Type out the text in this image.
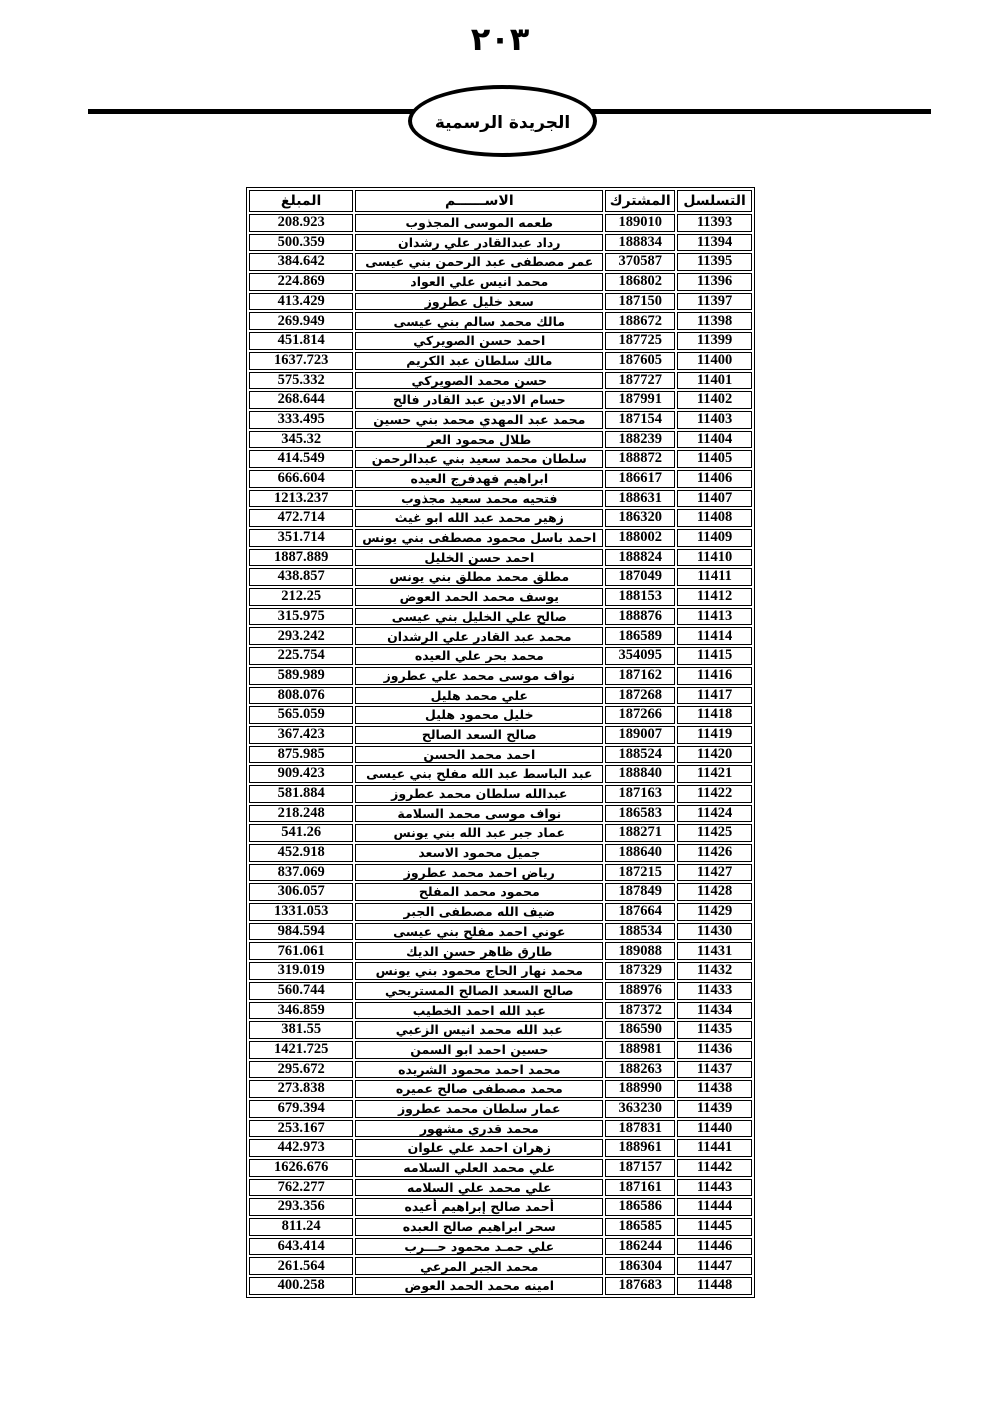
٢٠٣
الجريدة الرسمية
التسلسل	المشترك	الاســــــم	المبلغ
11393	189010	طعمه الموسى المجذوب	208.923
11394	188834	رداد عبدالقادر علي رشدان	500.359
11395	370587	عمر مصطفى عبد الرحمن بني عيسى	384.642
11396	186802	محمد انيس علي العواد	224.869
11397	187150	سعد خليل عطروز	413.429
11398	188672	مالك محمد سالم بني عيسى	269.949
11399	187725	احمد حسن الصويركي	451.814
11400	187605	مالك سلطان عبد الكريم	1637.723
11401	187727	حسن محمد الصويركي	575.332
11402	187991	حسام الادين عبد القادر فالح	268.644
11403	187154	محمد عبد المهدي محمد بني حسين	333.495
11404	188239	طلال محمود العر	345.32
11405	188872	سلطان محمد سعيد بني عبدالرحمن	414.549
11406	186617	ابراهيم فهدفرج العيده	666.604
11407	188631	فتحيه محمد سعيد مجذوب	1213.237
11408	186320	زهير محمد عبد الله ابو غيث	472.714
11409	188002	احمد باسل محمود مصطفى بني يونس	351.714
11410	188824	احمد حسن الخليل	1887.889
11411	187049	مطلق محمد مطلق بني يونس	438.857
11412	188153	يوسف محمد الحمد العوض	212.25
11413	188876	صالح علي الخليل بني عيسى	315.975
11414	186589	محمد عبد القادر علي الرشدان	293.242
11415	354095	محمد بحر علي العيده	225.754
11416	187162	نواف موسى محمد علي عطروز	589.989
11417	187268	علي محمد هليل	808.076
11418	187266	خليل محمود هليل	565.059
11419	189007	صالح السعد الصالح	367.423
11420	188524	احمد محمد الحسن	875.985
11421	188840	عبد الباسط عبد الله مفلح بني عيسى	909.423
11422	187163	عبدالله سلطان محمد عطروز	581.884
11424	186583	نواف موسى محمد السلامة	218.248
11425	188271	عماد جبر عبد الله بني يونس	541.26
11426	188640	جميل محمود الاسعد	452.918
11427	187215	رياض احمد محمد عطروز	837.069
11428	187849	محمود محمد المفلح	306.057
11429	187664	ضيف الله مصطفى الجبر	1331.053
11430	188534	عوني احمد مفلح بني عيسى	984.594
11431	189088	طارق ظاهر حسن الديك	761.061
11432	187329	محمد نهار الحاج محمود بني يونس	319.019
11433	188976	صالح السعد الصالح المستريحي	560.744
11434	187372	عبد الله احمد الخطيب	346.859
11435	186590	عبد الله محمد انيس الزعبي	381.55
11436	188981	حسين احمد ابو السمن	1421.725
11437	188263	محمد احمد محمود الشريده	295.672
11438	188990	محمد مصطفى صالح عميره	273.838
11439	363230	عمار سلطان محمد عطروز	679.394
11440	187831	محمد قدري مشهور	253.167
11441	188961	زهران احمد علي علوان	442.973
11442	187157	علي محمد العلي السلامه	1626.676
11443	187161	علي محمد علي السلامه	762.277
11444	186586	أحمد صالح إبراهيم أعيده	293.356
11445	186585	سحر ابراهيم صالح العبده	811.24
11446	186244	علي حمـد محمود حـــرب	643.414
11447	186304	محمد الجبر المرعي	261.564
11448	187683	امينه محمد الحمد العوض	400.258
